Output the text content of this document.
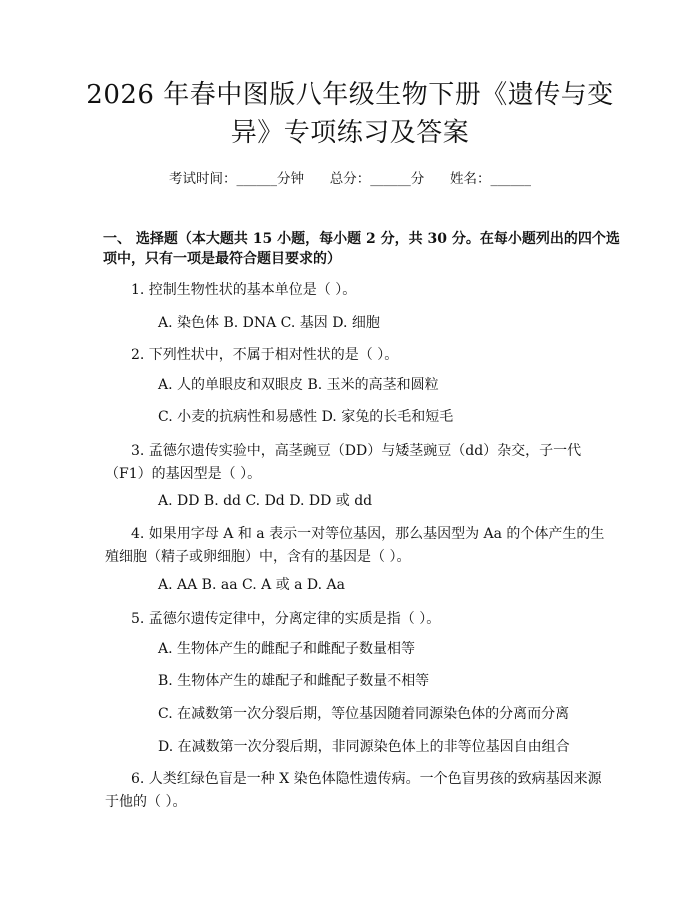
2026 年春中图版八年级生物下册《遗传与变
异》专项练习及答案
考试时间：______分钟      总分：______分      姓名：______
一、 选择题（本大题共 15 小题，每小题 2 分，共 30 分。在每小题列出的四个选项中，只有一项是最符合题目要求的）
1. 控制生物性状的基本单位是（ ）。
A. 染色体 B. DNA C. 基因 D. 细胞
2. 下列性状中，不属于相对性状的是（ ）。
A. 人的单眼皮和双眼皮 B. 玉米的高茎和圆粒
C. 小麦的抗病性和易感性 D. 家兔的长毛和短毛
3. 孟德尔遗传实验中，高茎豌豆（DD）与矮茎豌豆（dd）杂交，子一代（F1）的基因型是（ ）。
A. DD B. dd C. Dd D. DD 或 dd
4. 如果用字母 A 和 a 表示一对等位基因，那么基因型为 Aa 的个体产生的生殖细胞（精子或卵细胞）中，含有的基因是（ ）。
A. AA B. aa C. A 或 a D. Aa
5. 孟德尔遗传定律中，分离定律的实质是指（ ）。
A. 生物体产生的雌配子和雌配子数量相等
B. 生物体产生的雄配子和雌配子数量不相等
C. 在减数第一次分裂后期，等位基因随着同源染色体的分离而分离
D. 在减数第一次分裂后期，非同源染色体上的非等位基因自由组合
6. 人类红绿色盲是一种 X 染色体隐性遗传病。一个色盲男孩的致病基因来源于他的（ ）。
